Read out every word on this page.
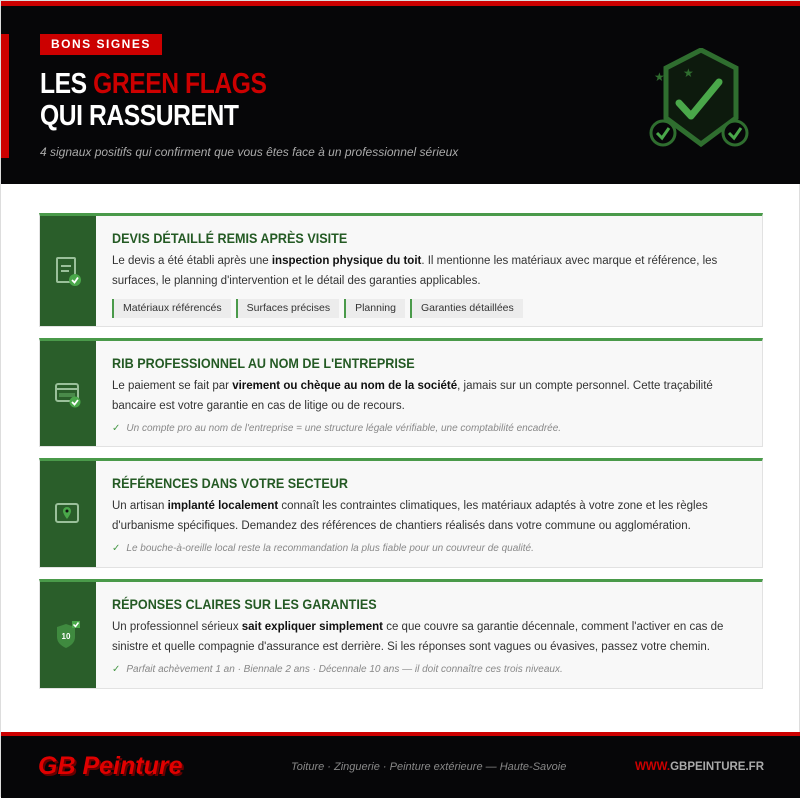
BONS SIGNES
LES GREEN FLAGS
QUI RASSURENT
4 signaux positifs qui confirment que vous êtes face à un professionnel sérieux
★ ★
DEVIS DÉTAILLÉ REMIS APRÈS VISITE
Le devis a été établi après une inspection physique du toit. Il mentionne les matériaux avec marque et référence, les surfaces, le planning d'intervention et le détail des garanties applicables.
Matériaux référencés	Surfaces précises	Planning	Garanties détaillées
RIB PROFESSIONNEL AU NOM DE L'ENTREPRISE
Le paiement se fait par virement ou chèque au nom de la société, jamais sur un compte personnel. Cette traçabilité bancaire est votre garantie en cas de litige ou de recours.
✓ Un compte pro au nom de l'entreprise = une structure légale vérifiable, une comptabilité encadrée.
RÉFÉRENCES DANS VOTRE SECTEUR
Un artisan implanté localement connaît les contraintes climatiques, les matériaux adaptés à votre zone et les règles d'urbanisme spécifiques. Demandez des références de chantiers réalisés dans votre commune ou agglomération.
✓ Le bouche-à-oreille local reste la recommandation la plus fiable pour un couvreur de qualité.
10
RÉPONSES CLAIRES SUR LES GARANTIES
Un professionnel sérieux sait expliquer simplement ce que couvre sa garantie décennale, comment l'activer en cas de sinistre et quelle compagnie d'assurance est derrière. Si les réponses sont vagues ou évasives, passez votre chemin.
✓ Parfait achèvement 1 an · Biennale 2 ans · Décennale 10 ans — il doit connaître ces trois niveaux.
GB Peinture	Toiture · Zinguerie · Peinture extérieure — Haute-Savoie	WWW.GBPEINTURE.FR
